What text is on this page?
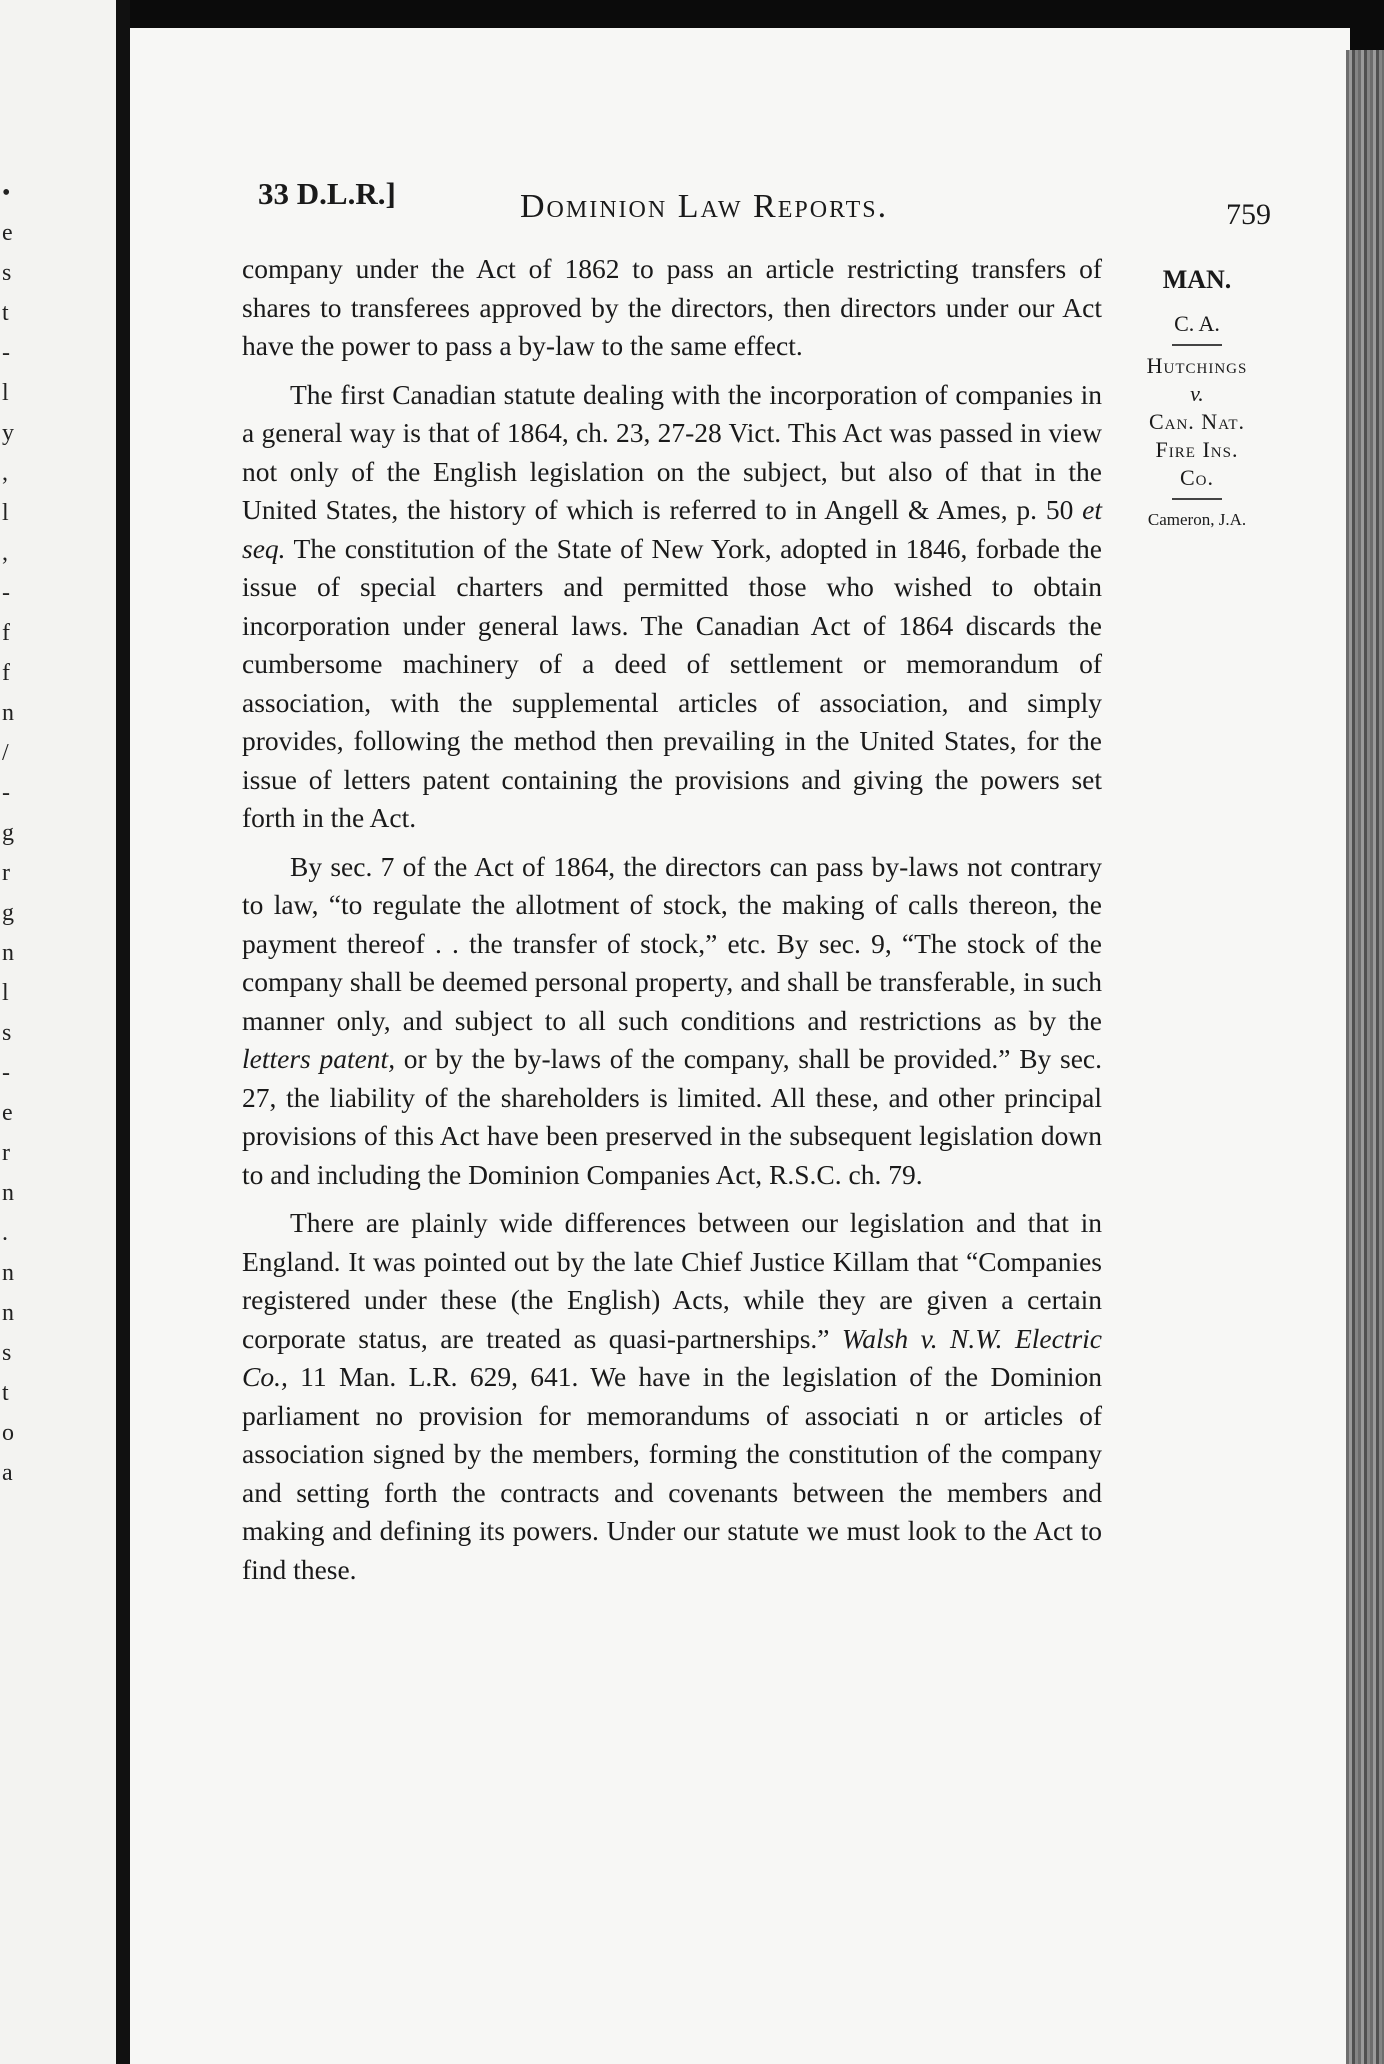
•
e
s
t
-
l
y
,
l
,
-
f
f
n
/
-
g
r
g
n
l
s
-
e
r
n
.
n
n
s
t
o
a
33 D.L.R.]	Dominion Law Reports.	759
MAN.
C. A.
Hutchings
v.
Can. Nat.
Fire Ins.
Co.
Cameron, J.A.

company under the Act of 1862 to pass an article restricting transfers of shares to transferees approved by the directors, then directors under our Act have the power to pass a by-law to the same effect.

The first Canadian statute dealing with the incorporation of companies in a general way is that of 1864, ch. 23, 27-28 Vict. This Act was passed in view not only of the English legislation on the subject, but also of that in the United States, the history of which is referred to in Angell & Ames, p. 50 et seq. The constitution of the State of New York, adopted in 1846, forbade the issue of special charters and permitted those who wished to obtain incorporation under general laws. The Canadian Act of 1864 discards the cumbersome machinery of a deed of settlement or memorandum of association, with the supplemental articles of association, and simply provides, following the method then prevailing in the United States, for the issue of letters patent containing the provisions and giving the powers set forth in the Act.

By sec. 7 of the Act of 1864, the directors can pass by-laws not contrary to law, “to regulate the allotment of stock, the making of calls thereon, the payment thereof . . the transfer of stock,” etc. By sec. 9, “The stock of the company shall be deemed personal property, and shall be transferable, in such manner only, and subject to all such conditions and restrictions as by the letters patent, or by the by-laws of the company, shall be provided.” By sec. 27, the liability of the shareholders is limited. All these, and other principal provisions of this Act have been preserved in the subsequent legislation down to and including the Dominion Companies Act, R.S.C. ch. 79.

There are plainly wide differences between our legislation and that in England. It was pointed out by the late Chief Justice Killam that “Companies registered under these (the English) Acts, while they are given a certain corporate status, are treated as quasi-partnerships.” Walsh v. N.W. Electric Co., 11 Man. L.R. 629, 641. We have in the legislation of the Dominion parliament no provision for memorandums of associati n or articles of association signed by the members, forming the constitution of the company and setting forth the contracts and covenants between the members and making and defining its powers. Under our statute we must look to the Act to find these.
